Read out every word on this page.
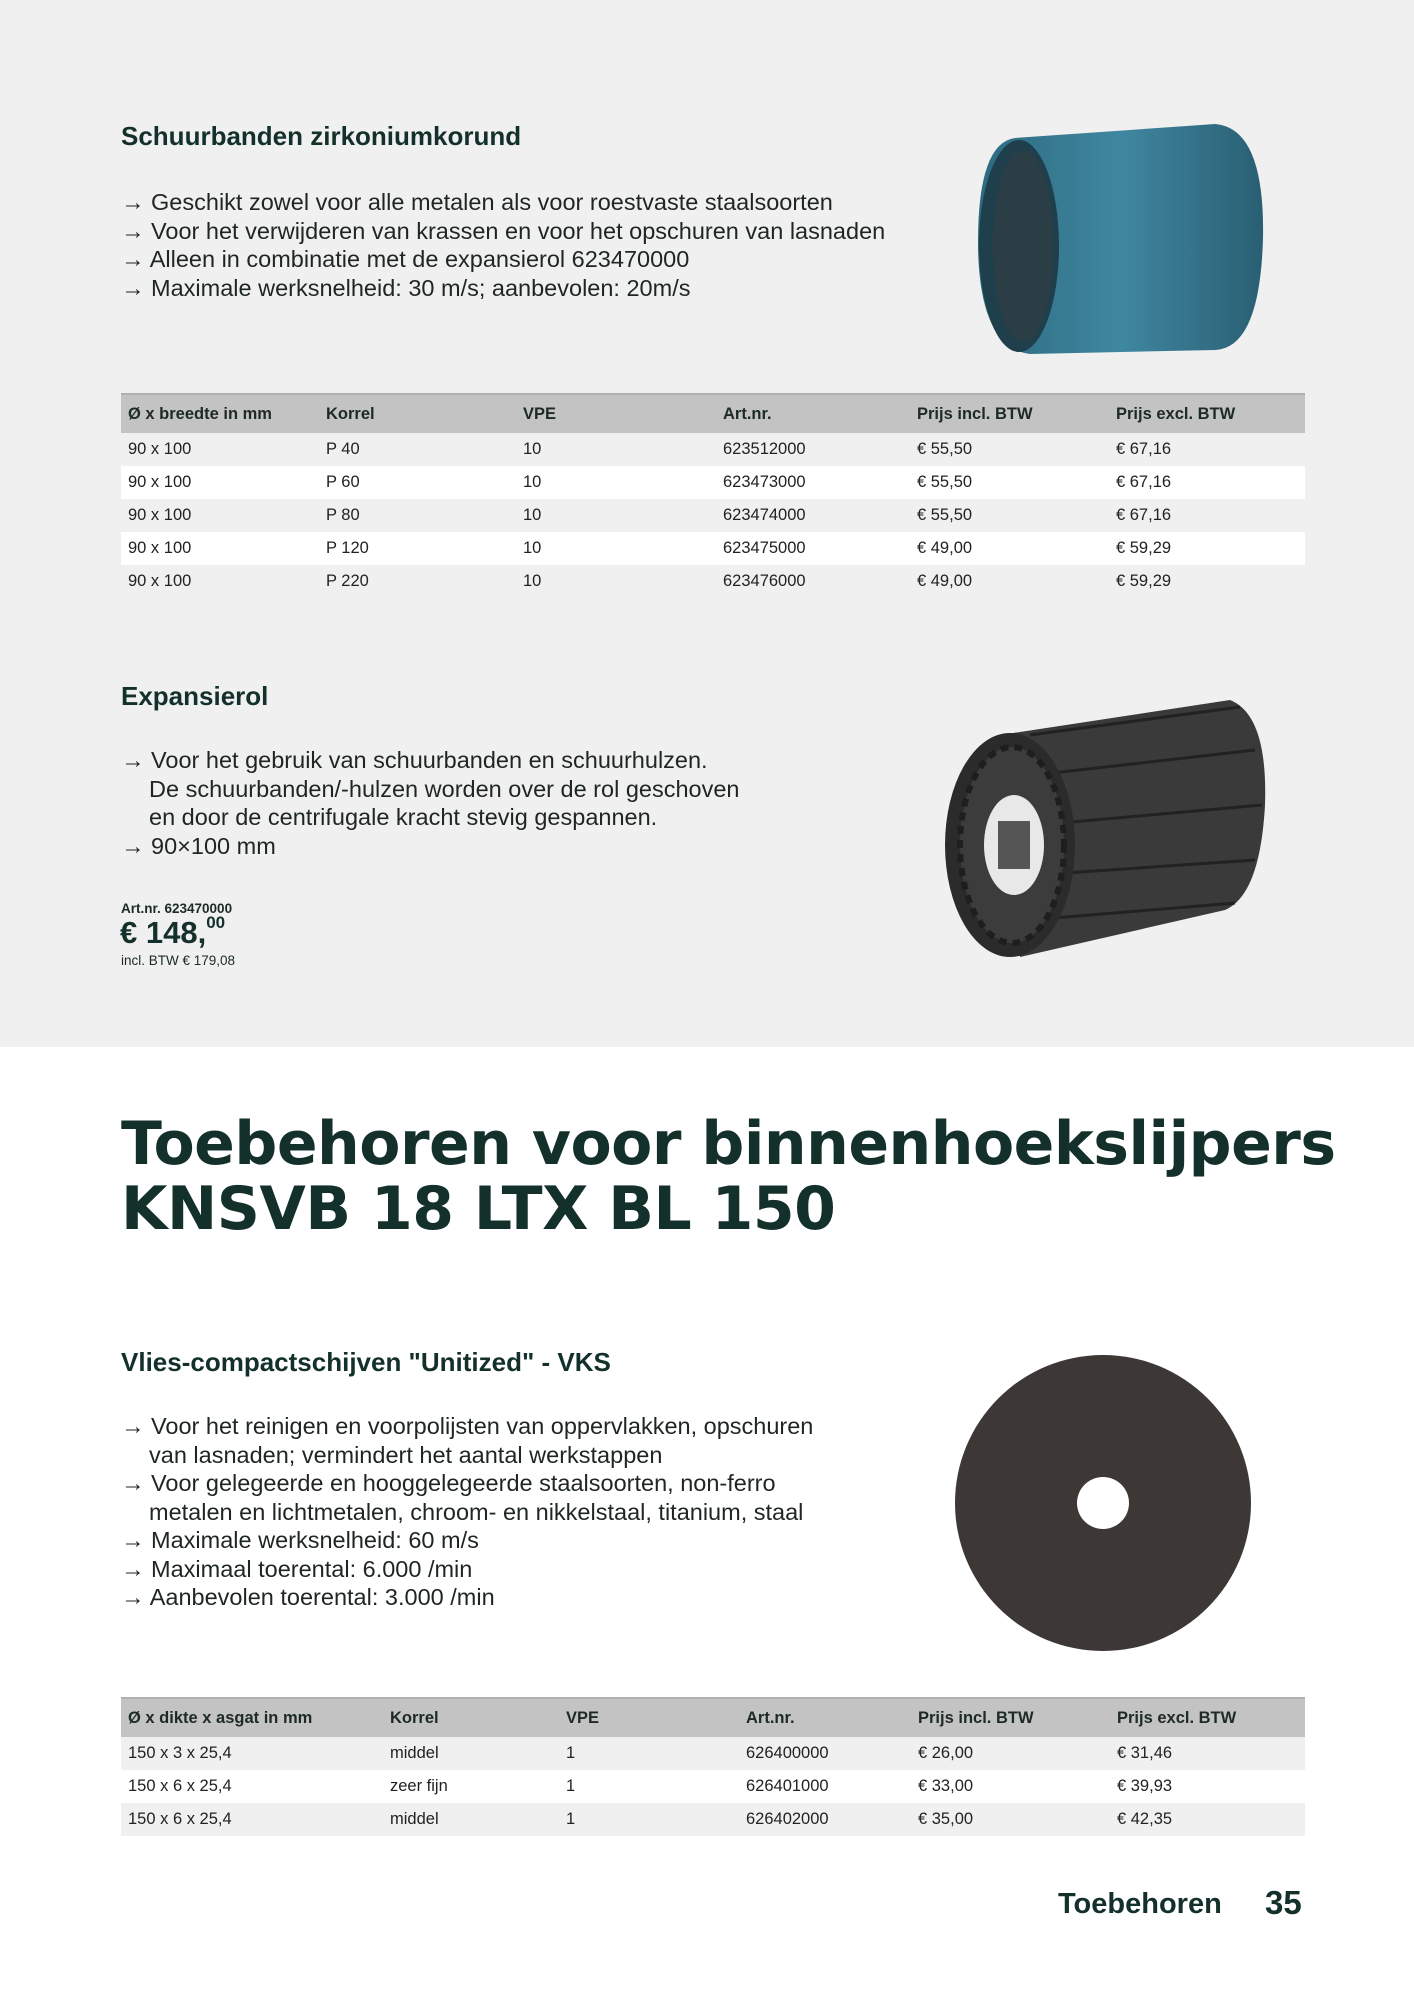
Schuurbanden zirkoniumkorund
→ Geschikt zowel voor alle metalen als voor roestvaste staalsoorten
→ Voor het verwijderen van krassen en voor het opschuren van lasnaden
→ Alleen in combinatie met de expansierol 623470000
→ Maximale werksnelheid: 30 m/s; aanbevolen: 20m/s
Ø x breedte in mm	Korrel	VPE	Art.nr.	Prijs incl. BTW	Prijs excl. BTW
90 x 100	P 40	10	623512000	€ 55,50	€ 67,16
90 x 100	P 60	10	623473000	€ 55,50	€ 67,16
90 x 100	P 80	10	623474000	€ 55,50	€ 67,16
90 x 100	P 120	10	623475000	€ 49,00	€ 59,29
90 x 100	P 220	10	623476000	€ 49,00	€ 59,29
Expansierol
→ Voor het gebruik van schuurbanden en schuurhulzen.
De schuurbanden/-hulzen worden over de rol geschoven
en door de centrifugale kracht stevig gespannen.
→ 90×100 mm
Art.nr. 623470000
€ 148,00
incl. BTW € 179,08
Toebehoren voor binnenhoekslijpers
KNSVB 18 LTX BL 150
Vlies-compactschijven "Unitized" - VKS
→ Voor het reinigen en voorpolijsten van oppervlakken, opschuren
van lasnaden; vermindert het aantal werkstappen
→ Voor gelegeerde en hooggelegeerde staalsoorten, non-ferro
metalen en lichtmetalen, chroom- en nikkelstaal, titanium, staal
→ Maximale werksnelheid: 60 m/s
→ Maximaal toerental: 6.000 /min
→ Aanbevolen toerental: 3.000 /min
Ø x dikte x asgat in mm	Korrel	VPE	Art.nr.	Prijs incl. BTW	Prijs excl. BTW
150 x 3 x 25,4	middel	1	626400000	€ 26,00	€ 31,46
150 x 6 x 25,4	zeer fijn	1	626401000	€ 33,00	€ 39,93
150 x 6 x 25,4	middel	1	626402000	€ 35,00	€ 42,35
Toebehoren 35
